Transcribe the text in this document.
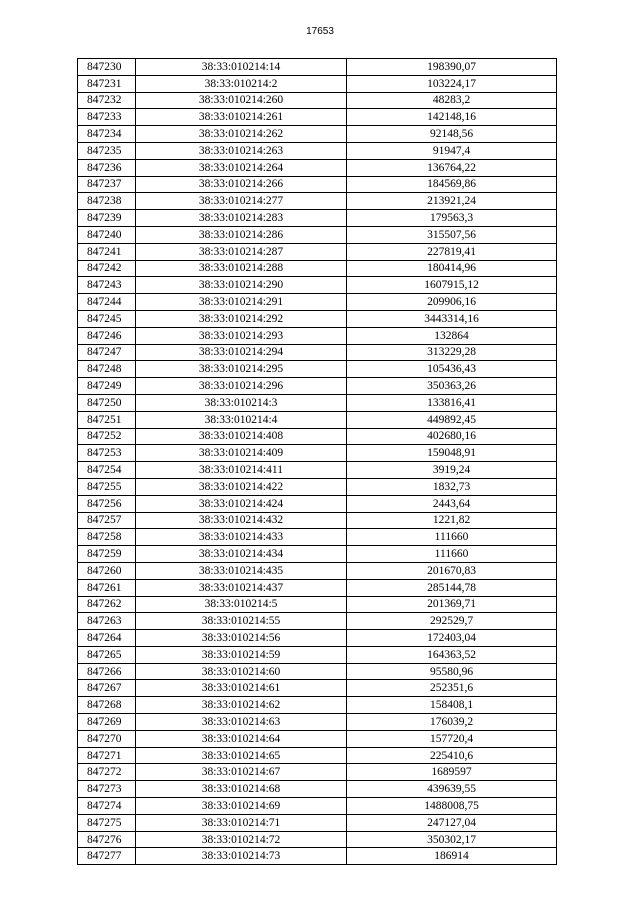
17653
847230	38:33:010214:14	198390,07
847231	38:33:010214:2	103224,17
847232	38:33:010214:260	48283,2
847233	38:33:010214:261	142148,16
847234	38:33:010214:262	92148,56
847235	38:33:010214:263	91947,4
847236	38:33:010214:264	136764,22
847237	38:33:010214:266	184569,86
847238	38:33:010214:277	213921,24
847239	38:33:010214:283	179563,3
847240	38:33:010214:286	315507,56
847241	38:33:010214:287	227819,41
847242	38:33:010214:288	180414,96
847243	38:33:010214:290	1607915,12
847244	38:33:010214:291	209906,16
847245	38:33:010214:292	3443314,16
847246	38:33:010214:293	132864
847247	38:33:010214:294	313229,28
847248	38:33:010214:295	105436,43
847249	38:33:010214:296	350363,26
847250	38:33:010214:3	133816,41
847251	38:33:010214:4	449892,45
847252	38:33:010214:408	402680,16
847253	38:33:010214:409	159048,91
847254	38:33:010214:411	3919,24
847255	38:33:010214:422	1832,73
847256	38:33:010214:424	2443,64
847257	38:33:010214:432	1221,82
847258	38:33:010214:433	111660
847259	38:33:010214:434	111660
847260	38:33:010214:435	201670,83
847261	38:33:010214:437	285144,78
847262	38:33:010214:5	201369,71
847263	38:33:010214:55	292529,7
847264	38:33:010214:56	172403,04
847265	38:33:010214:59	164363,52
847266	38:33:010214:60	95580,96
847267	38:33:010214:61	252351,6
847268	38:33:010214:62	158408,1
847269	38:33:010214:63	176039,2
847270	38:33:010214:64	157720,4
847271	38:33:010214:65	225410,6
847272	38:33:010214:67	1689597
847273	38:33:010214:68	439639,55
847274	38:33:010214:69	1488008,75
847275	38:33:010214:71	247127,04
847276	38:33:010214:72	350302,17
847277	38:33:010214:73	186914
